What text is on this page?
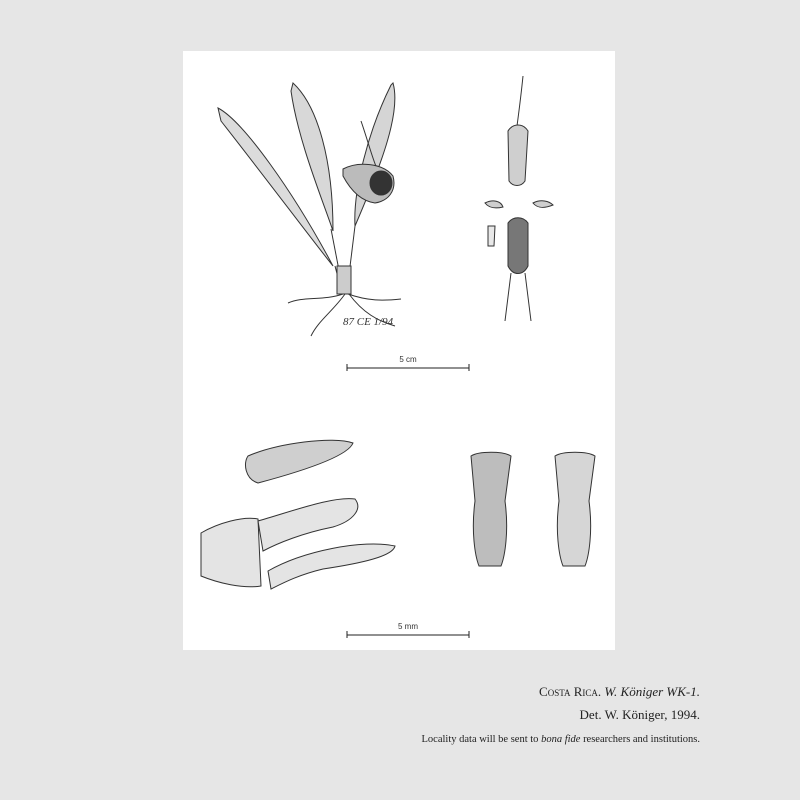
87 CE 1/94
5 cm
5 mm
Costa Rica. W. Königer WK-1.
Det. W. Königer, 1994.
Locality data will be sent to bona fide researchers and institutions.
